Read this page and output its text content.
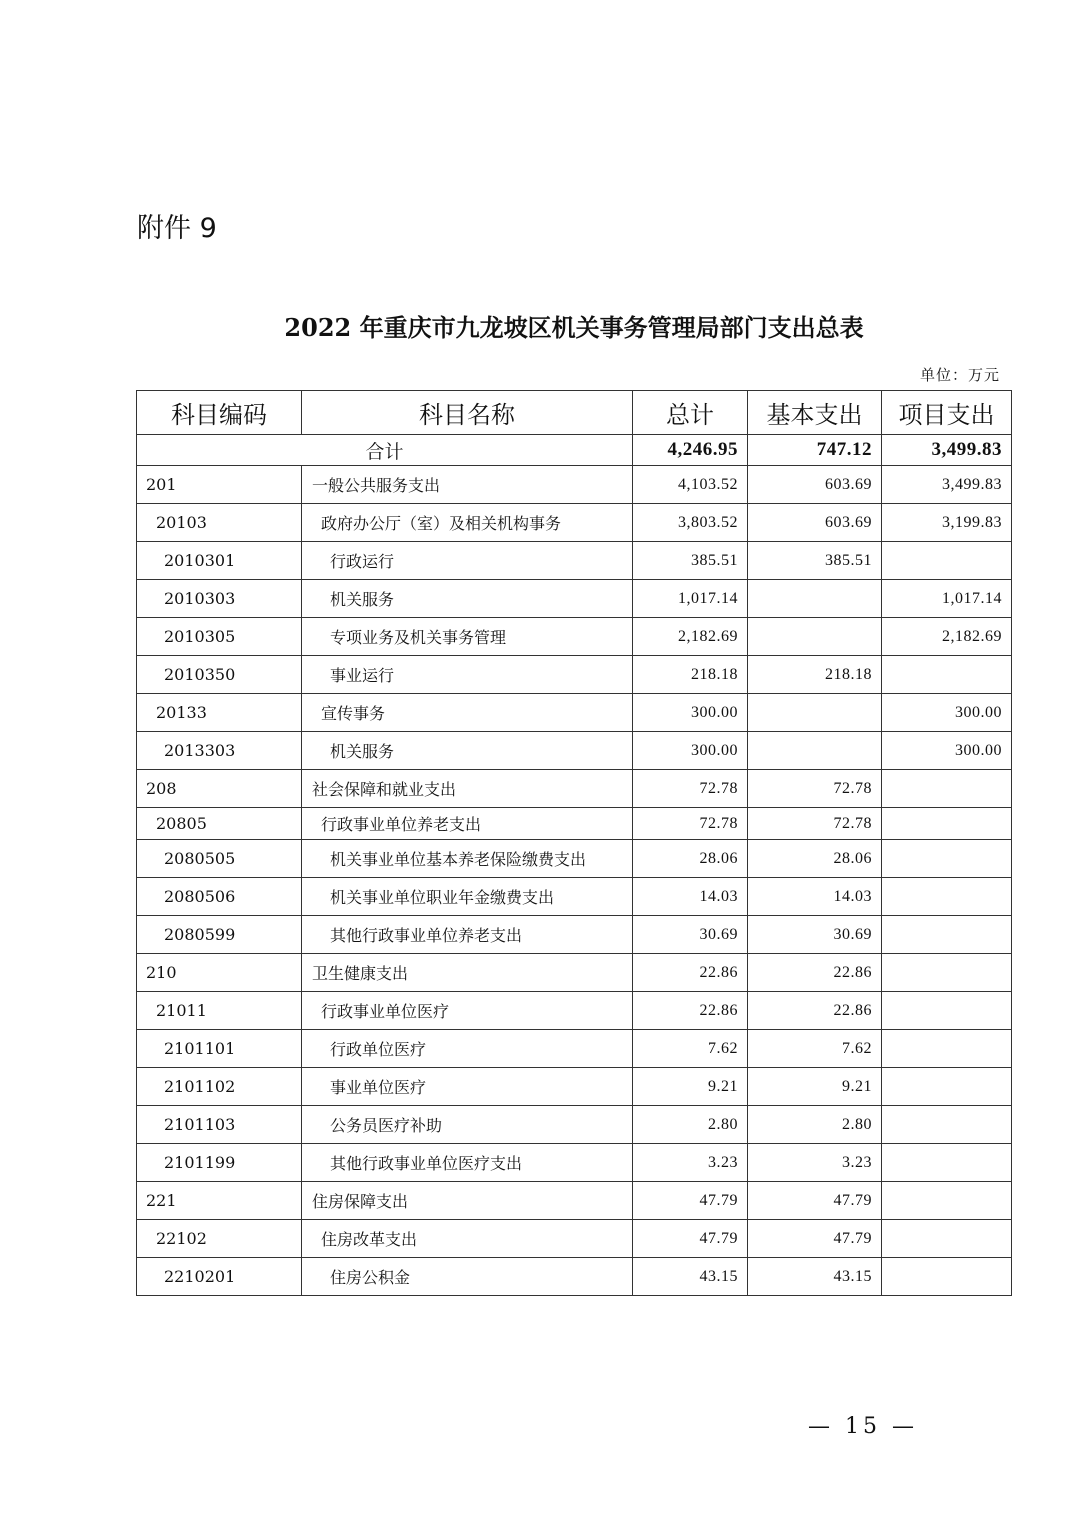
附件 9
2022 年重庆市九龙坡区机关事务管理局部门支出总表
单位：万元
科目编码	科目名称	总计	基本支出	项目支出
合计		4,246.95	747.12	3,499.83
201	一般公共服务支出	4,103.52	603.69	3,499.83
20103	政府办公厅（室）及相关机构事务	3,803.52	603.69	3,199.83
2010301	行政运行	385.51	385.51	
2010303	机关服务	1,017.14		1,017.14
2010305	专项业务及机关事务管理	2,182.69		2,182.69
2010350	事业运行	218.18	218.18	
20133	宣传事务	300.00		300.00
2013303	机关服务	300.00		300.00
208	社会保障和就业支出	72.78	72.78	
20805	行政事业单位养老支出	72.78	72.78	
2080505	机关事业单位基本养老保险缴费支出	28.06	28.06	
2080506	机关事业单位职业年金缴费支出	14.03	14.03	
2080599	其他行政事业单位养老支出	30.69	30.69	
210	卫生健康支出	22.86	22.86	
21011	行政事业单位医疗	22.86	22.86	
2101101	行政单位医疗	7.62	7.62	
2101102	事业单位医疗	9.21	9.21	
2101103	公务员医疗补助	2.80	2.80	
2101199	其他行政事业单位医疗支出	3.23	3.23	
221	住房保障支出	47.79	47.79	
22102	住房改革支出	47.79	47.79	
2210201	住房公积金	43.15	43.15	
— 15 —
